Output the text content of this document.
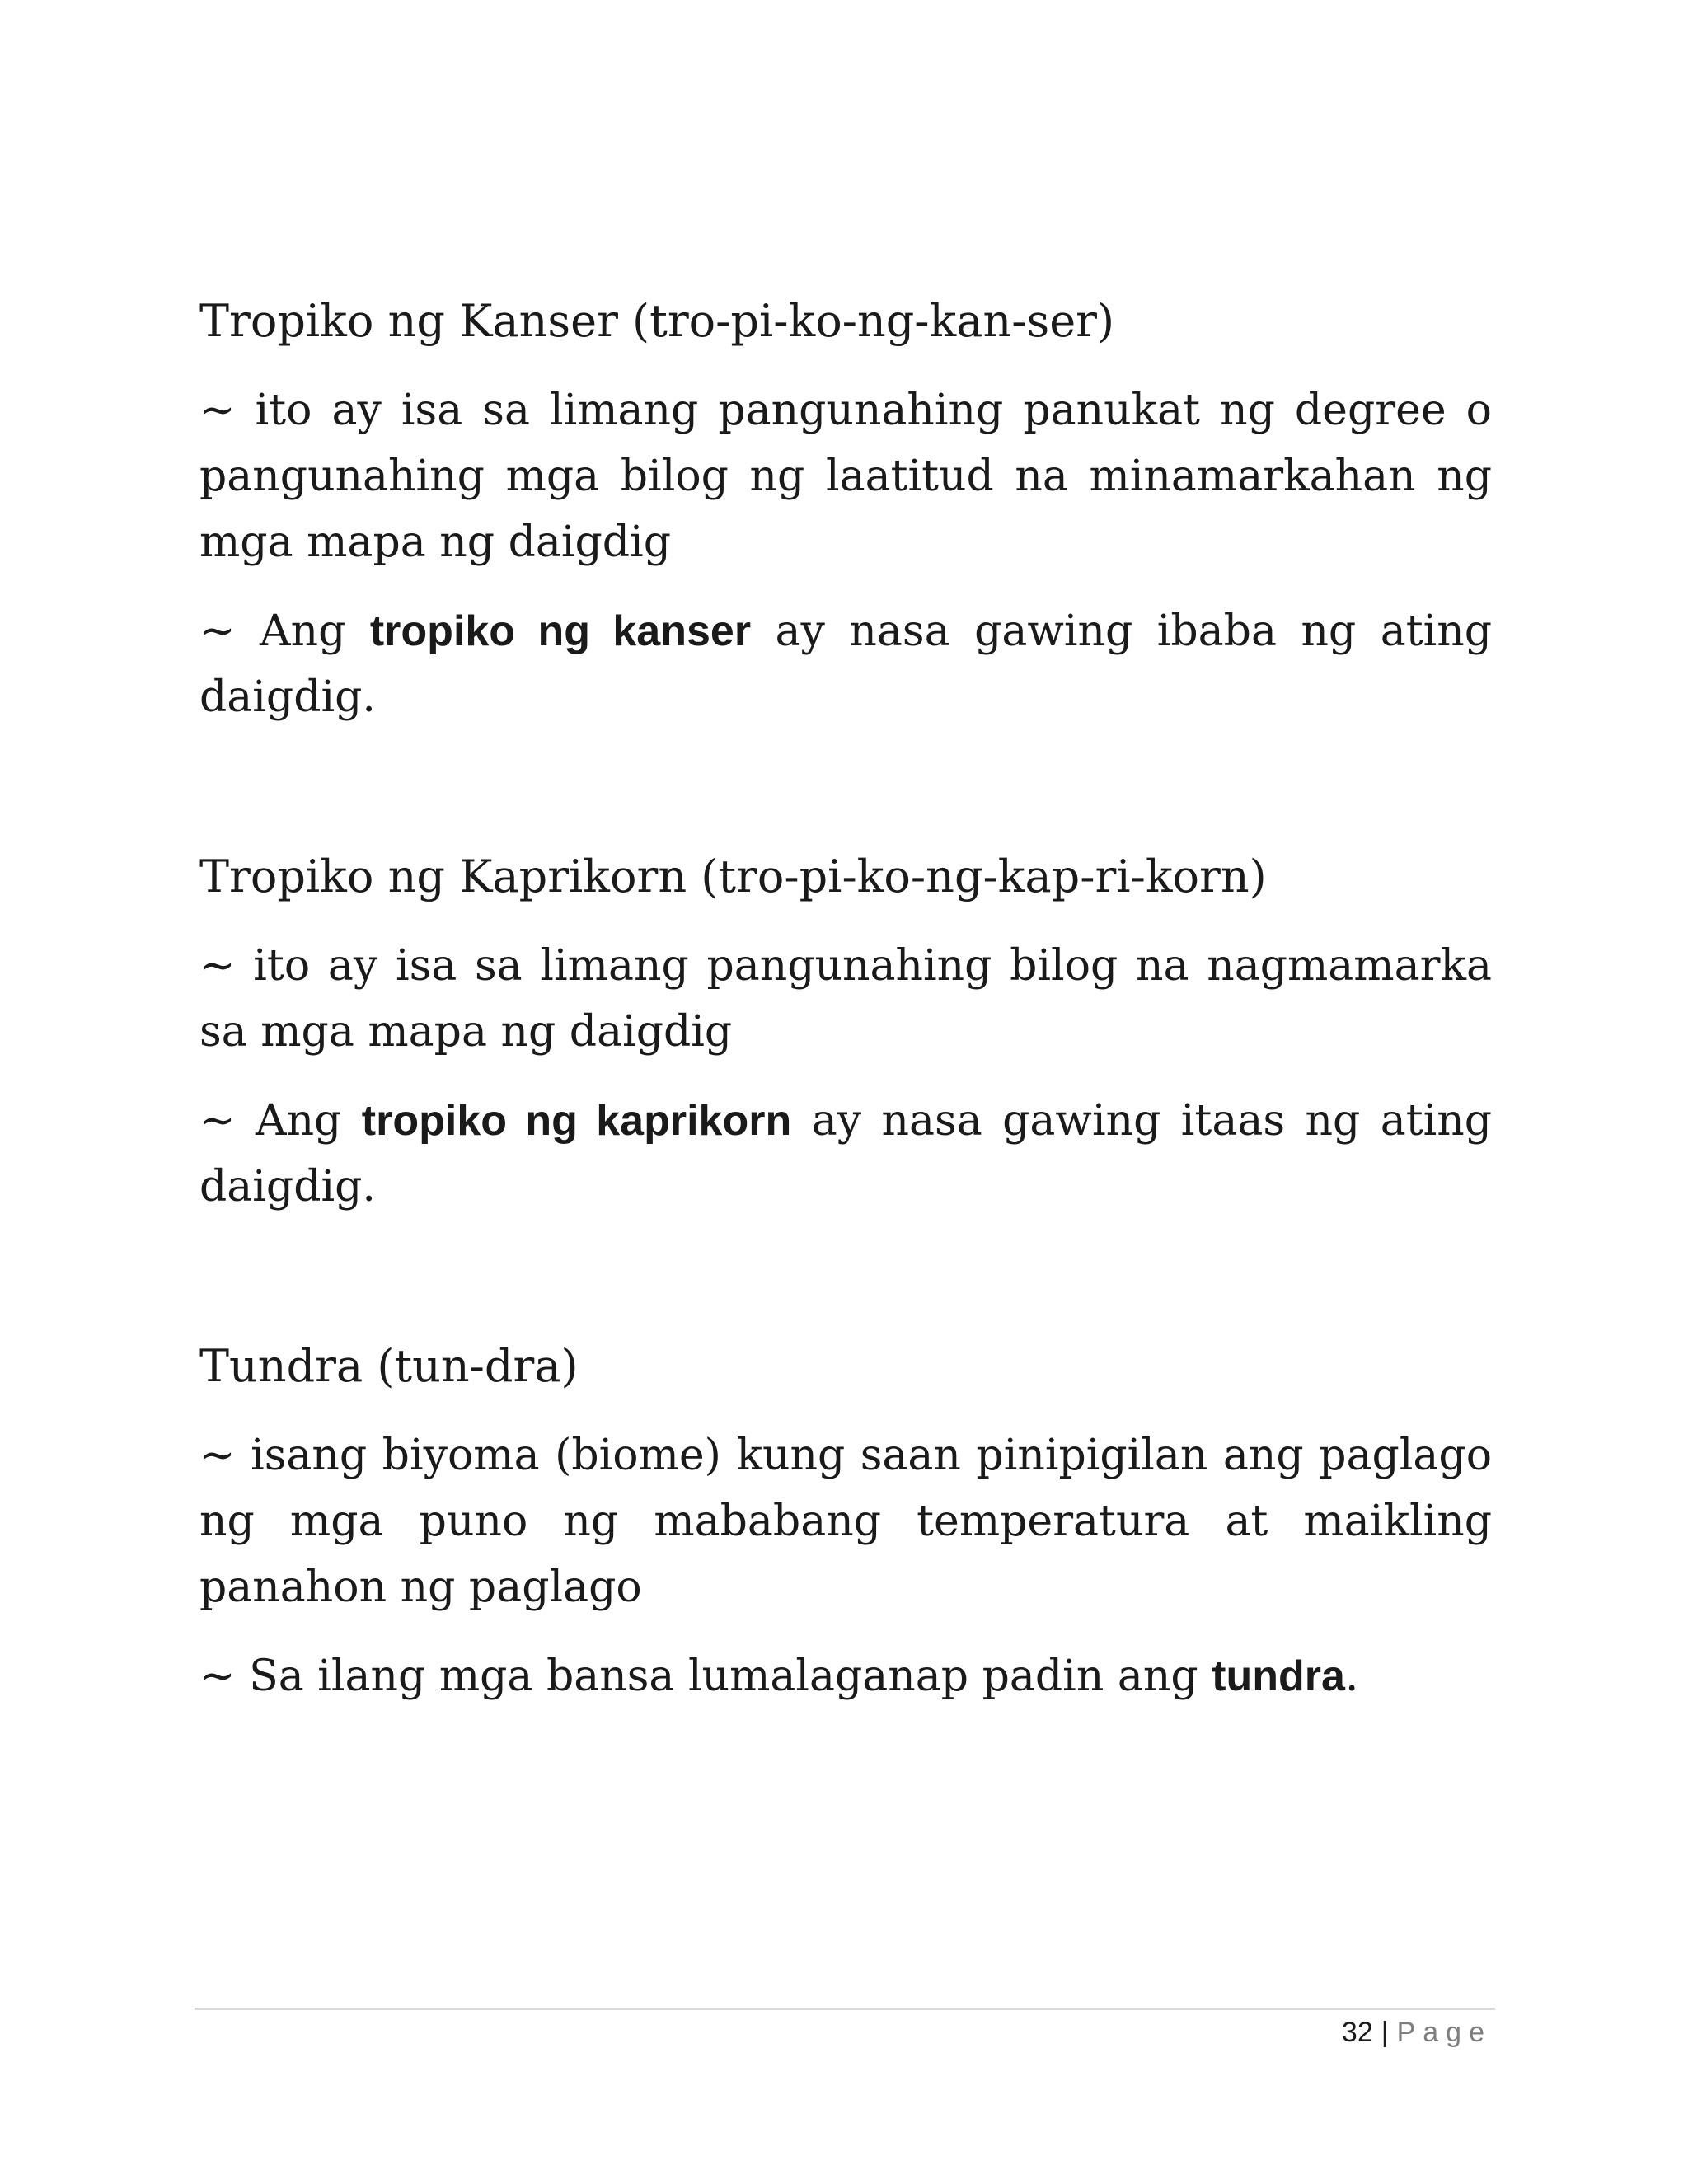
Tropiko ng Kanser (tro-pi-ko-ng-kan-ser)

~ ito ay isa sa limang pangunahing panukat ng degree o pangunahing mga bilog ng laatitud na minamarkahan ng mga mapa ng daigdig

~ Ang tropiko ng kanser ay nasa gawing ibaba ng ating daigdig.

Tropiko ng Kaprikorn (tro-pi-ko-ng-kap-ri-korn)

~ ito ay isa sa limang pangunahing bilog na nagmamarka sa mga mapa ng daigdig

~ Ang tropiko ng kaprikorn ay nasa gawing itaas ng ating daigdig.

Tundra (tun-dra)

~ isang biyoma (biome) kung saan pinipigilan ang paglago ng mga puno ng mababang temperatura at maikling panahon ng paglago

~ Sa ilang mga bansa lumalaganap padin ang tundra.

32 | Page
